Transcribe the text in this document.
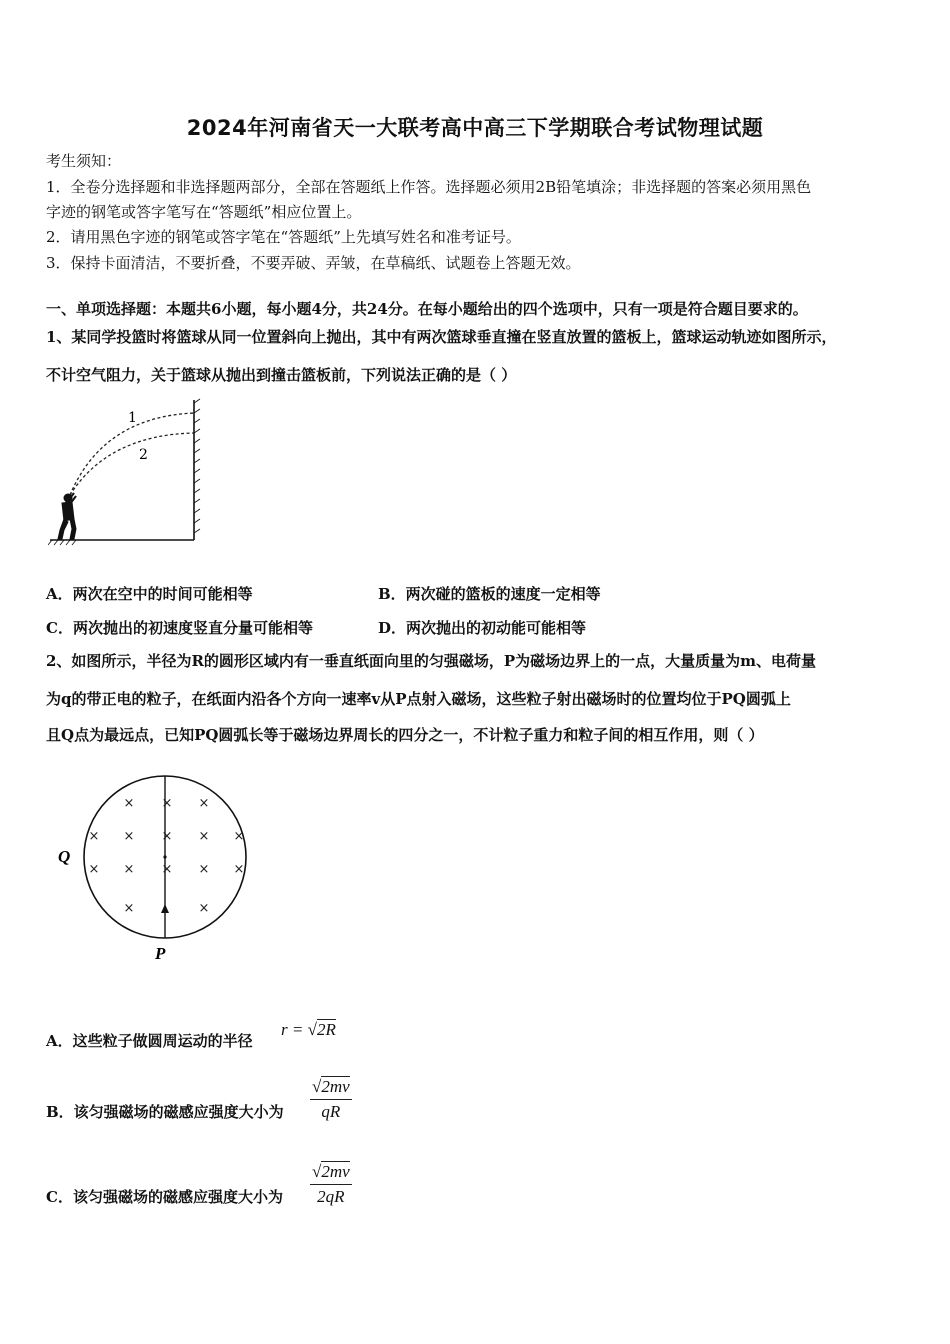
2024年河南省天一大联考高中高三下学期联合考试物理试题
考生须知：
1．全卷分选择题和非选择题两部分，全部在答题纸上作答。选择题必须用2B铅笔填涂；非选择题的答案必须用黑色
字迹的钢笔或答字笔写在“答题纸”相应位置上。
2．请用黑色字迹的钢笔或答字笔在“答题纸”上先填写姓名和准考证号。
3．保持卡面清洁，不要折叠，不要弄破、弄皱，在草稿纸、试题卷上答题无效。
一、单项选择题：本题共6小题，每小题4分，共24分。在每小题给出的四个选项中，只有一项是符合题目要求的。
1、某同学投篮时将篮球从同一位置斜向上抛出，其中有两次篮球垂直撞在竖直放置的篮板上，篮球运动轨迹如图所示，
不计空气阻力，关于篮球从抛出到撞击篮板前，下列说法正确的是（ ）
1
2
A．两次在空中的时间可能相等	B．两次碰的篮板的速度一定相等
C．两次抛出的初速度竖直分量可能相等	D．两次抛出的初动能可能相等
2、如图所示，半径为R的圆形区域内有一垂直纸面向里的匀强磁场，P为磁场边界上的一点，大量质量为m、电荷量
为q的带正电的粒子，在纸面内沿各个方向一速率v从P点射入磁场，这些粒子射出磁场时的位置均位于PQ圆弧上
且Q点为最远点，已知PQ圆弧长等于磁场边界周长的四分之一，不计粒子重力和粒子间的相互作用，则（ ）
× × ×
× × × × ×
× × × × ×
×	×
Q
P
A．这些粒子做圆周运动的半径
r = √2R
B．该匀强磁场的磁感应强度大小为
√2mv
qR
C．该匀强磁场的磁感应强度大小为
√2mv
2qR
